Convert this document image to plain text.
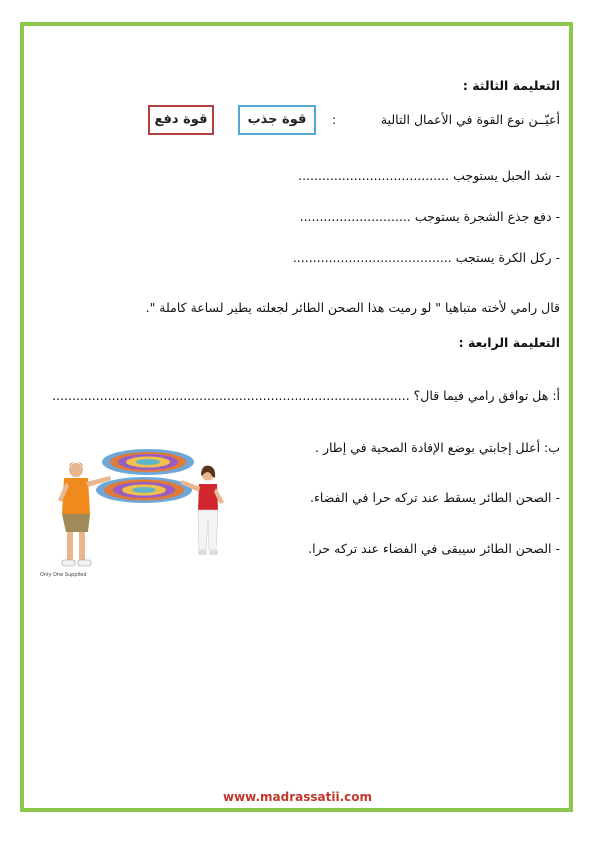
التعليمة الثالثة :
أعيّــن نوع القوة في الأعمال التالية
:
قوة جذب
قوة دفع
- شد الحبل يستوجب ......................................
- دفع جذع الشجرة يستوجب ............................
- ركل الكرة يستجب ........................................
قال رامي لأخته متباهيا " لو رميت هذا الصحن الطائر لجعلته يطير لساعة كاملة ".
التعليمة الرابعة :
أ: هل توافق رامي فيما قال؟ ..........................................................................................
ب: أعلل إجابتي بوضع الإفادة الصحية في إطار .
- الصحن الطائر يسقط عند تركه حرا في الفضاء.
- الصحن الطائر سيبقى في الفضاء عند تركه حرا.
Only One Supplied
www.madrassatii.com
